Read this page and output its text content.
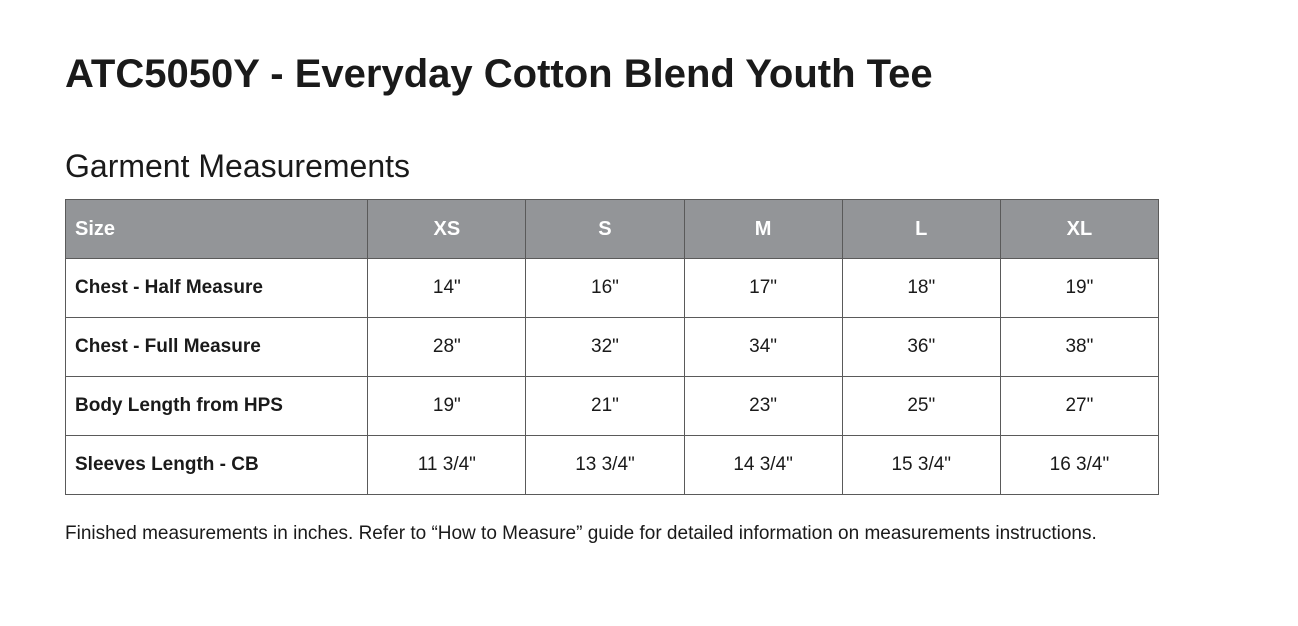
ATC5050Y - Everyday Cotton Blend Youth Tee
Garment Measurements
Size	XS	S	M	L	XL
Chest - Half Measure	14"	16"	17"	18"	19"
Chest - Full Measure	28"	32"	34"	36"	38"
Body Length from HPS	19"	21"	23"	25"	27"
Sleeves Length - CB	11 3/4"	13 3/4"	14 3/4"	15 3/4"	16 3/4"

Finished measurements in inches. Refer to “How to Measure” guide for detailed information on measurements instructions.
